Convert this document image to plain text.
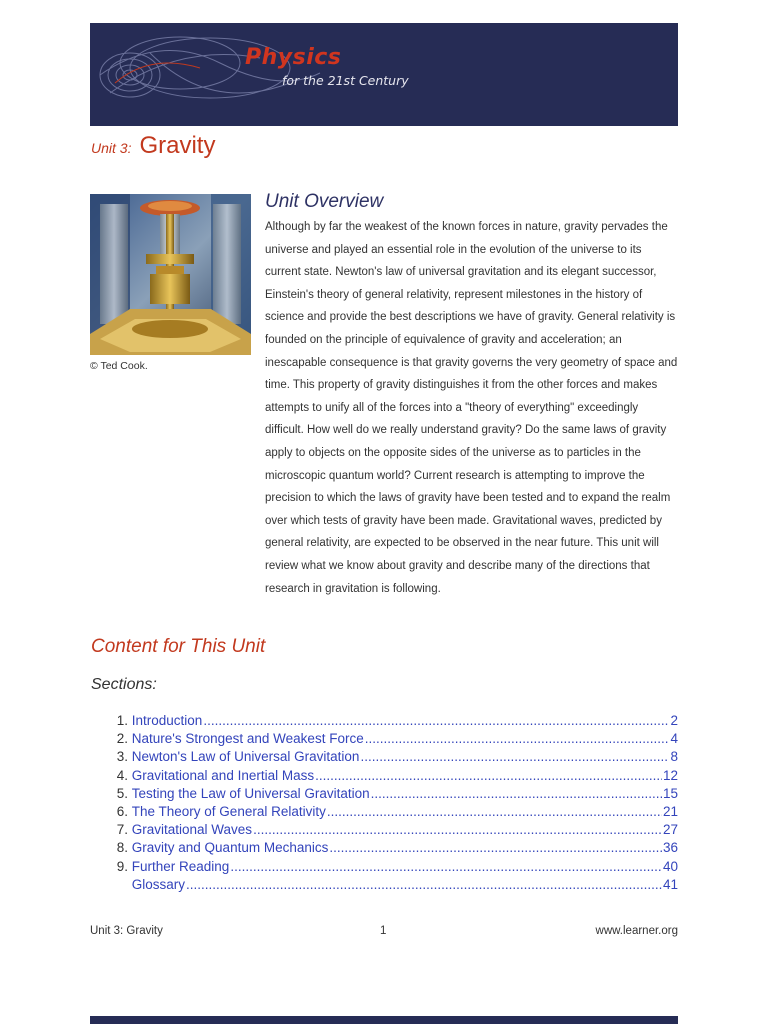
Physics
for the 21st Century
Unit 3: Gravity
© Ted Cook.
Unit Overview
Although by far the weakest of the known forces in nature, gravity pervades the universe and played an essential role in the evolution of the universe to its current state. Newton's law of universal gravitation and its elegant successor, Einstein's theory of general relativity, represent milestones in the history of science and provide the best descriptions we have of gravity. General relativity is founded on the principle of equivalence of gravity and acceleration; an inescapable consequence is that gravity governs the very geometry of space and time. This property of gravity distinguishes it from the other forces and makes attempts to unify all of the forces into a "theory of everything" exceedingly difficult. How well do we really understand gravity? Do the same laws of gravity apply to objects on the opposite sides of the universe as to particles in the microscopic quantum world? Current research is attempting to improve the precision to which the laws of gravity have been tested and to expand the realm over which tests of gravity have been made. Gravitational waves, predicted by general relativity, are expected to be observed in the near future. This unit will review what we know about gravity and describe many of the directions that research in gravitation is following.
Content for This Unit
Sections:
1.
Introduction .....	2
2.
Nature's Strongest and Weakest Force .....	4
3.
Newton's Law of Universal Gravitation .....	8
4.
Gravitational and Inertial Mass .....	12
5.
Testing the Law of Universal Gravitation .....	15
6.
The Theory of General Relativity .....	21
7.
Gravitational Waves .....	27
8.
Gravity and Quantum Mechanics .....	36
9.
Further Reading .....	40

Glossary .....	41
Unit 3: Gravity	1	www.learner.org
